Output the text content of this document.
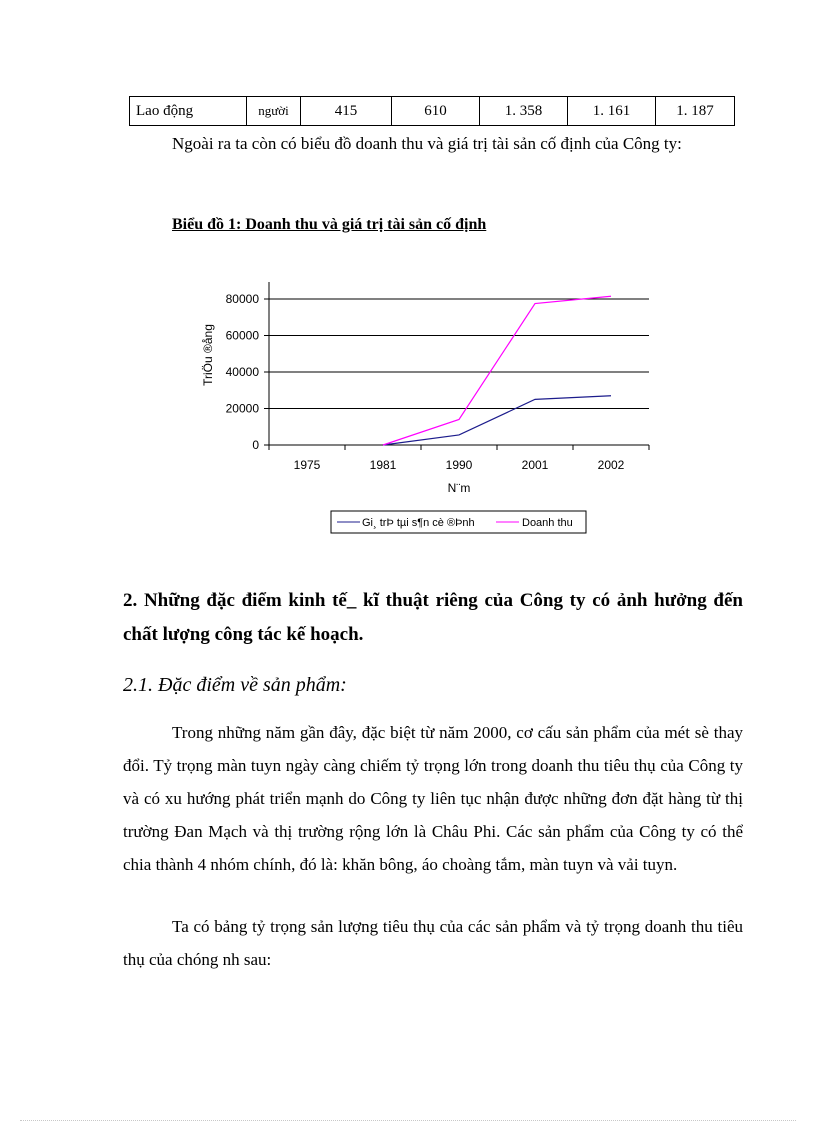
Lao động	người	415	610	1. 358	1. 161	1. 187

Ngoài ra ta còn có biểu đồ doanh thu và giá trị tài sản cố định của Công ty:

Biểu đồ 1: Doanh thu và giá trị tài sản cố định
0
20000
40000
60000
80000
1975	1981	1990	2001	2002
TriÖu ®ång
N¨m
Gi¸ trÞ tµi s¶n cè ®Þnh	Doanh thu
2. Những đặc điểm kinh tế_ kĩ thuật riêng của Công ty có ảnh hưởng đến chất lượng công tác kế hoạch.
2.1. Đặc điểm về sản phẩm:

Trong những năm gần đây, đặc biệt từ năm 2000, cơ cấu sản phẩm của mét sè thay đổi. Tỷ trọng màn tuyn ngày càng chiếm tỷ trọng lớn trong doanh thu tiêu thụ của Công ty và có xu hướng phát triển mạnh do Công ty liên tục nhận được những đơn đặt hàng từ thị trường Đan Mạch và thị trường rộng lớn là Châu Phi. Các sản phẩm của Công ty có thể chia thành 4 nhóm chính, đó là: khăn bông, áo choàng tắm, màn tuyn và vải tuyn.

Ta có bảng tỷ trọng sản lượng tiêu thụ của các sản phẩm và tỷ trọng doanh thu tiêu thụ của chóng nh sau:
